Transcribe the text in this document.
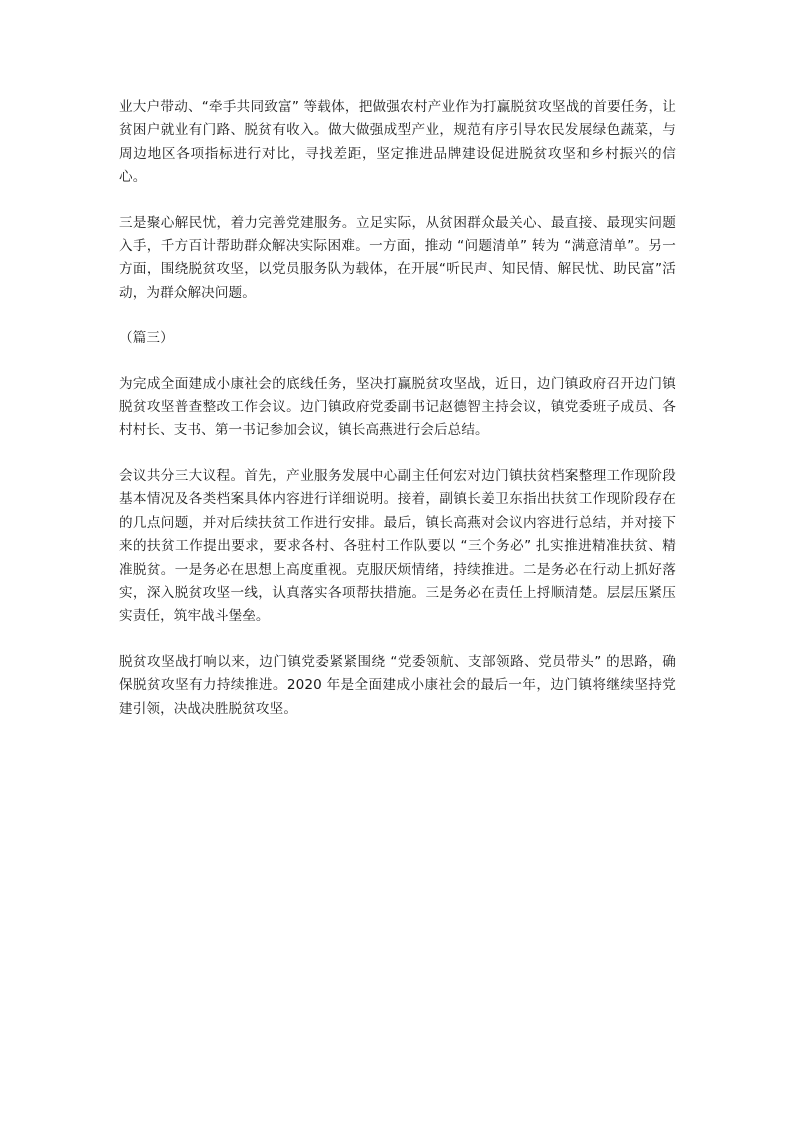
业大户带动、“牵手共同致富” 等载体，把做强农村产业作为打赢脱贫攻坚战的首要任务，让贫困户就业有门路、脱贫有收入。做大做强成型产业，规范有序引导农民发展绿色蔬菜，与周边地区各项指标进行对比，寻找差距，坚定推进品牌建设促进脱贫攻坚和乡村振兴的信心。

三是聚心解民忧，着力完善党建服务。立足实际，从贫困群众最关心、最直接、最现实问题入手，千方百计帮助群众解决实际困难。一方面，推动 “问题清单” 转为 “满意清单”。另一方面，围绕脱贫攻坚，以党员服务队为载体，在开展“听民声、知民情、解民忧、助民富”活动，为群众解决问题。

（篇三）

为完成全面建成小康社会的底线任务，坚决打赢脱贫攻坚战，近日，边门镇政府召开边门镇脱贫攻坚普查整改工作会议。边门镇政府党委副书记赵德智主持会议，镇党委班子成员、各村村长、支书、第一书记参加会议，镇长高燕进行会后总结。

会议共分三大议程。首先，产业服务发展中心副主任何宏对边门镇扶贫档案整理工作现阶段基本情况及各类档案具体内容进行详细说明。接着，副镇长姜卫东指出扶贫工作现阶段存在的几点问题，并对后续扶贫工作进行安排。最后，镇长高燕对会议内容进行总结，并对接下来的扶贫工作提出要求，要求各村、各驻村工作队要以 “三个务必” 扎实推进精准扶贫、精准脱贫。一是务必在思想上高度重视。克服厌烦情绪，持续推进。二是务必在行动上抓好落实，深入脱贫攻坚一线，认真落实各项帮扶措施。三是务必在责任上捋顺清楚。层层压紧压实责任，筑牢战斗堡垒。

脱贫攻坚战打响以来，边门镇党委紧紧围绕 “党委领航、支部领路、党员带头” 的思路，确保脱贫攻坚有力持续推进。2020 年是全面建成小康社会的最后一年，边门镇将继续坚持党建引领，决战决胜脱贫攻坚。
